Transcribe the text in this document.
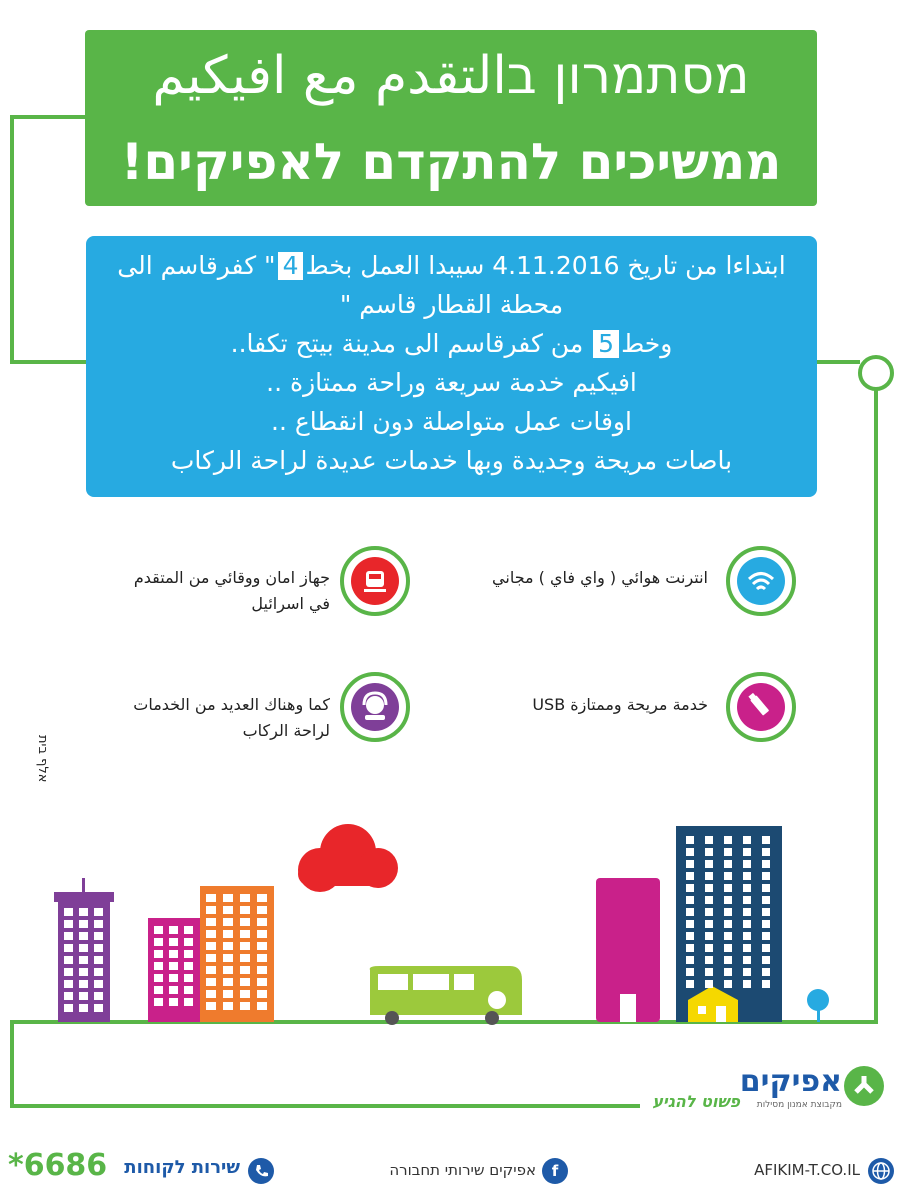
מסתמרון בالتقدم مع افيكيم
ממשיכים להתקדם לאפיקים!
ابتداءا من تاريخ 4.11.2016 سيبدا العمل بخط4" كفرقاسم الى
محطة القطار قاسم "
وخط5 من كفرقاسم الى مدينة بيتح تكفا..
افيكيم خدمة سريعة وراحة ممتازة ..
اوقات عمل متواصلة دون انقطاع ..
باصات مريحة وجديدة وبها خدمات عديدة لراحة الركاب
انترنت هوائي ( واي فاي ) مجاني
جهاز امان ووقائي من المتقدم
في اسرائيل
خدمة مريحة وممتازة USB
كما وهناك العديد من الخدمات
لراحة الركاب
אלף בית
אפיקים
מקבוצת אמנון מסילות
פשוט להגיע
AFIKIM-T.CO.IL
f
אפיקים שירותי תחבורה
שירות לקוחות
*6686
